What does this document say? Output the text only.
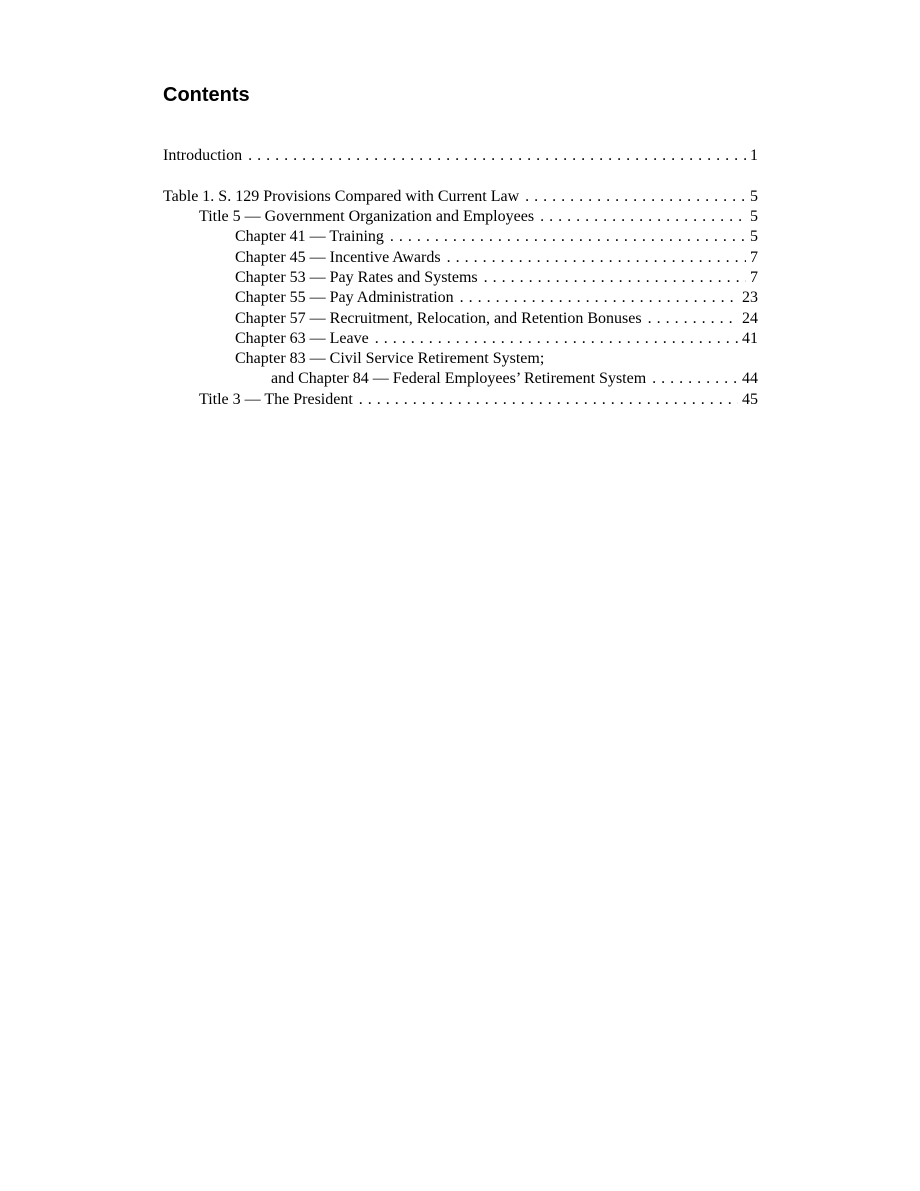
Contents
Introduction . . .	1
Table 1. S. 129 Provisions Compared with Current Law . . .	5
Title 5 — Government Organization and Employees . . .	5
Chapter 41 — Training . . .	5
Chapter 45 — Incentive Awards . . .	7
Chapter 53 — Pay Rates and Systems . . .	7
Chapter 55 — Pay Administration . . .	23
Chapter 57 — Recruitment, Relocation, and Retention Bonuses . . .	24
Chapter 63 — Leave . . .	41
Chapter 83 — Civil Service Retirement System;
and Chapter 84 — Federal Employees’ Retirement System . . .	44
Title 3 — The President . . .	45
